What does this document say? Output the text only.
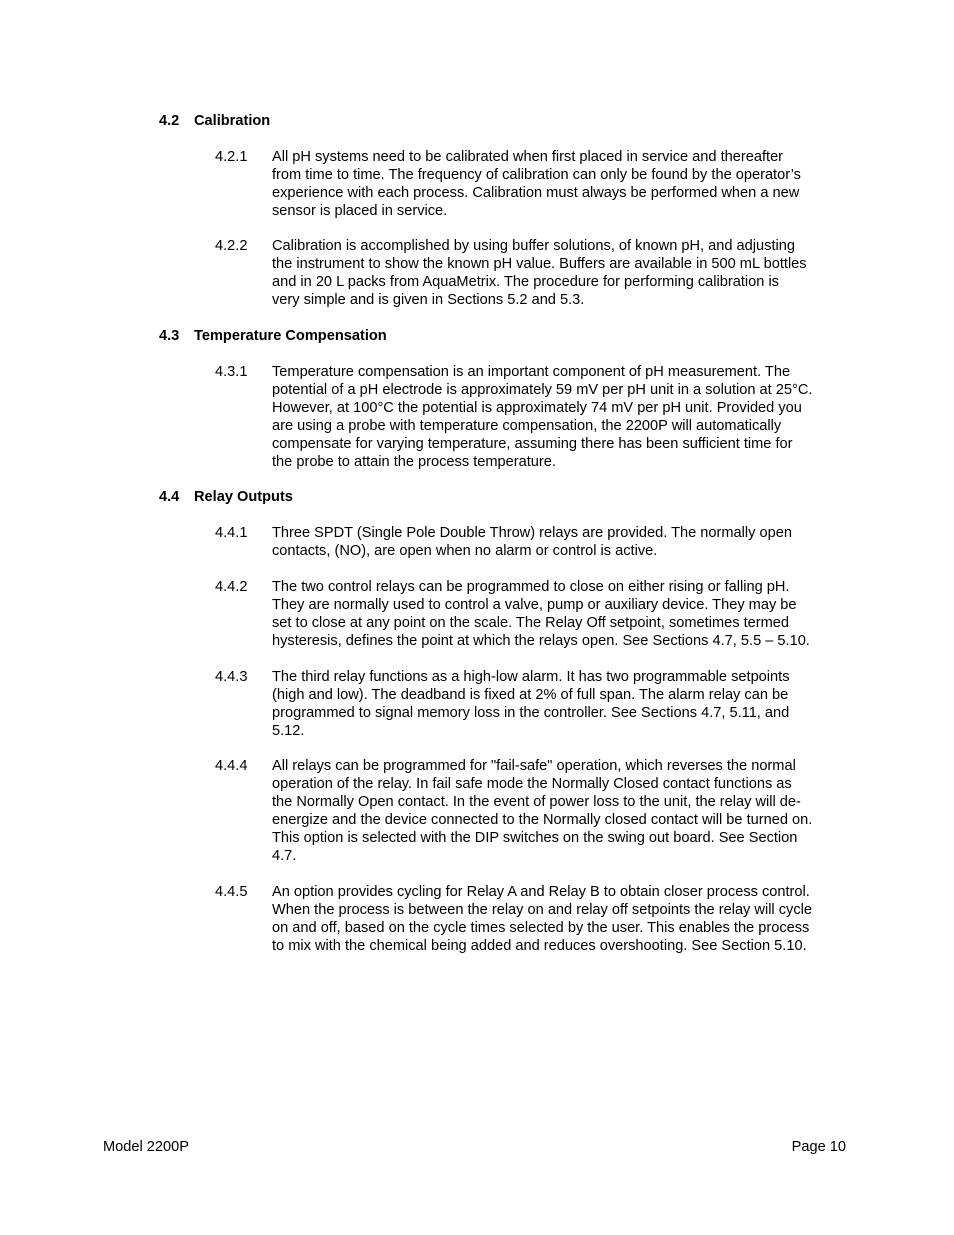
4.2 Calibration
4.2.1 All pH systems need to be calibrated when first placed in service and thereafter
from time to time. The frequency of calibration can only be found by the operator’s
experience with each process. Calibration must always be performed when a new
sensor is placed in service.
4.2.2 Calibration is accomplished by using buffer solutions, of known pH, and adjusting
the instrument to show the known pH value. Buffers are available in 500 mL bottles
and in 20 L packs from AquaMetrix. The procedure for performing calibration is
very simple and is given in Sections 5.2 and 5.3.
4.3 Temperature Compensation
4.3.1 Temperature compensation is an important component of pH measurement. The
potential of a pH electrode is approximately 59 mV per pH unit in a solution at 25°C.
However, at 100°C the potential is approximately 74 mV per pH unit. Provided you
are using a probe with temperature compensation, the 2200P will automatically
compensate for varying temperature, assuming there has been sufficient time for
the probe to attain the process temperature.
4.4 Relay Outputs
4.4.1 Three SPDT (Single Pole Double Throw) relays are provided. The normally open
contacts, (NO), are open when no alarm or control is active.
4.4.2 The two control relays can be programmed to close on either rising or falling pH.
They are normally used to control a valve, pump or auxiliary device. They may be
set to close at any point on the scale. The Relay Off setpoint, sometimes termed
hysteresis, defines the point at which the relays open. See Sections 4.7, 5.5 – 5.10.
4.4.3 The third relay functions as a high-low alarm. It has two programmable setpoints
(high and low). The deadband is fixed at 2% of full span. The alarm relay can be
programmed to signal memory loss in the controller. See Sections 4.7, 5.11, and
5.12.
4.4.4 All relays can be programmed for "fail-safe" operation, which reverses the normal
operation of the relay. In fail safe mode the Normally Closed contact functions as
the Normally Open contact. In the event of power loss to the unit, the relay will de-
energize and the device connected to the Normally closed contact will be turned on.
This option is selected with the DIP switches on the swing out board. See Section
4.7.
4.4.5 An option provides cycling for Relay A and Relay B to obtain closer process control.
When the process is between the relay on and relay off setpoints the relay will cycle
on and off, based on the cycle times selected by the user. This enables the process
to mix with the chemical being added and reduces overshooting. See Section 5.10.
Model 2200P	Page 10
